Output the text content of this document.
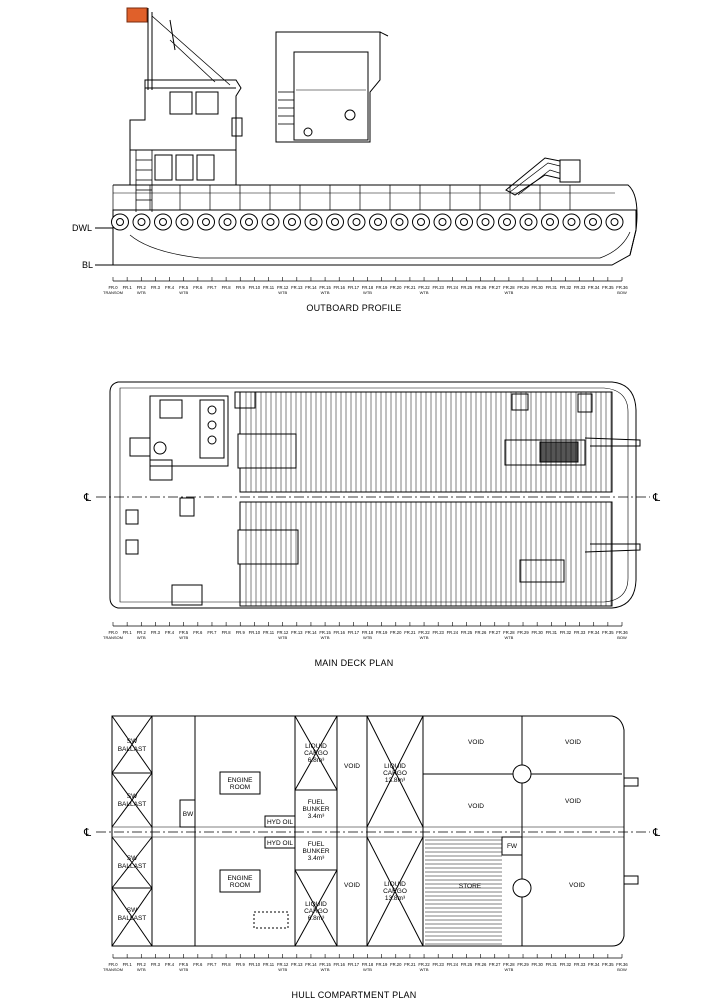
DWL
BL
FR.0
TRANSOM
FR.1 FR.2
WTB
FR.3 FR.4 FR.5
WTB
FR.6 FR.7 FR.8 FR.9 FR.10 FR.11 FR.12
WTB
FR.13 FR.14 FR.15
WTB
FR.16 FR.17 FR.18
WTB
FR.19 FR.20 FR.21 FR.22
WTB
FR.23 FR.24 FR.25 FR.26 FR.27 FR.28
WTB
FR.29 FR.30 FR.31 FR.32 FR.33 FR.34 FR.35 FR.36
BOW
OUTBOARD PROFILE
℄	℄
FR.0
TRANSOM
FR.1 FR.2
WTB
FR.3 FR.4 FR.5
WTB
FR.6 FR.7 FR.8 FR.9 FR.10 FR.11 FR.12
WTB
FR.13 FR.14 FR.15
WTB
FR.16 FR.17 FR.18
WTB
FR.19 FR.20 FR.21 FR.22
WTB
FR.23 FR.24 FR.25 FR.26 FR.27 FR.28
WTB
FR.29 FR.30 FR.31 FR.32 FR.33 FR.34 FR.35 FR.36
BOW
MAIN DECK PLAN
℄	℄
SW BALLAST
SW BALLAST
SW BALLAST
SW BALLAST
BW
ENGINE ROOM
ENGINE ROOM
HYD OIL
HYD OIL
LIQUID CARGO 6.8m³
FUEL BUNKER 3.4m³
FUEL BUNKER 3.4m³
LIQUID CARGO 6.8m³
VOID
VOID
LIQUID CARGO 13.8m³
LIQUID CARGO 13.8m³
VOID	VOID
VOID
VOID
STORE
FW
VOID
FR.0
TRANSOM
FR.1 FR.2
WTB
FR.3 FR.4 FR.5
WTB
FR.6 FR.7 FR.8 FR.9 FR.10 FR.11 FR.12
WTB
FR.13 FR.14 FR.15
WTB
FR.16 FR.17 FR.18
WTB
FR.19 FR.20 FR.21 FR.22
WTB
FR.23 FR.24 FR.25 FR.26 FR.27 FR.28
WTB
FR.29 FR.30 FR.31 FR.32 FR.33 FR.34 FR.35 FR.36
BOW
HULL COMPARTMENT PLAN
